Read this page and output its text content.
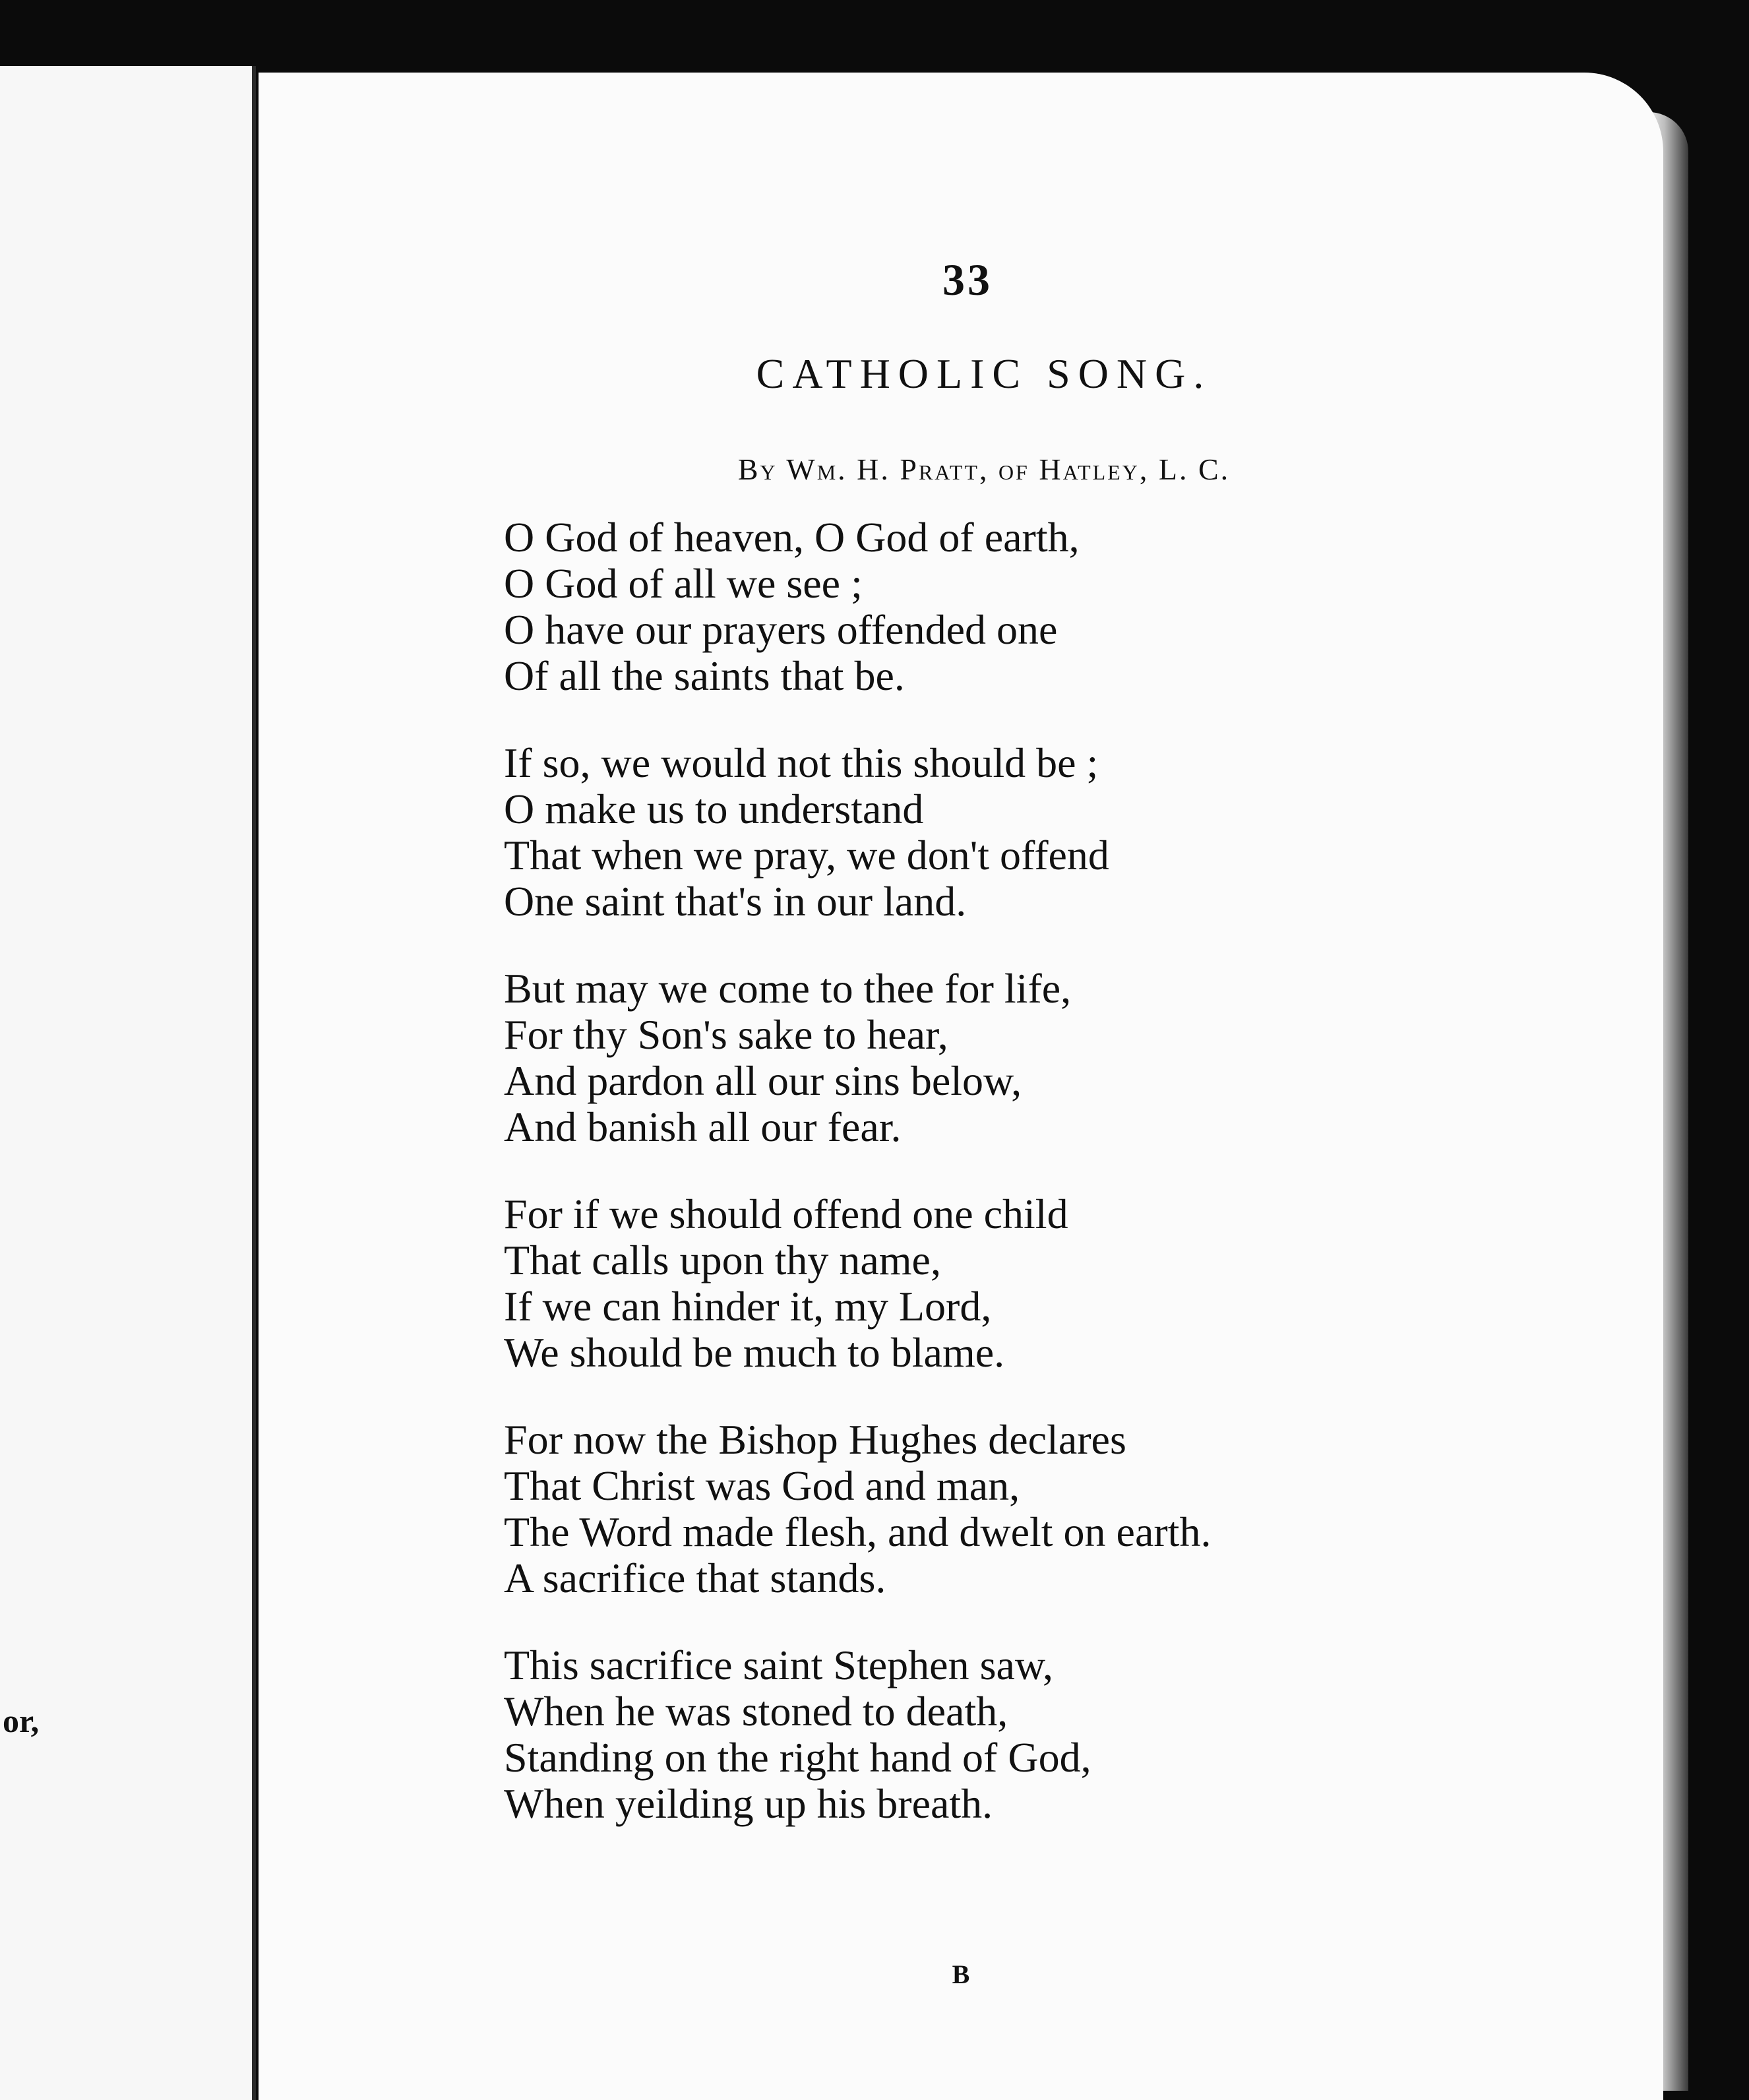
or,
33
CATHOLIC SONG.
By Wm. H. Pratt, of Hatley, L. C.
O God of heaven, O God of earth,
O God of all we see ;
O have our prayers offended one
Of all the saints that be.
If so, we would not this should be ;
O make us to understand
That when we pray, we don't offend
One saint that's in our land.
But may we come to thee for life,
For thy Son's sake to hear,
And pardon all our sins below,
And banish all our fear.
For if we should offend one child
That calls upon thy name,
If we can hinder it, my Lord,
We should be much to blame.
For now the Bishop Hughes declares
That Christ was God and man,
The Word made flesh, and dwelt on earth.
A sacrifice that stands.
This sacrifice saint Stephen saw,
When he was stoned to death,
Standing on the right hand of God,
When yeilding up his breath.
B
